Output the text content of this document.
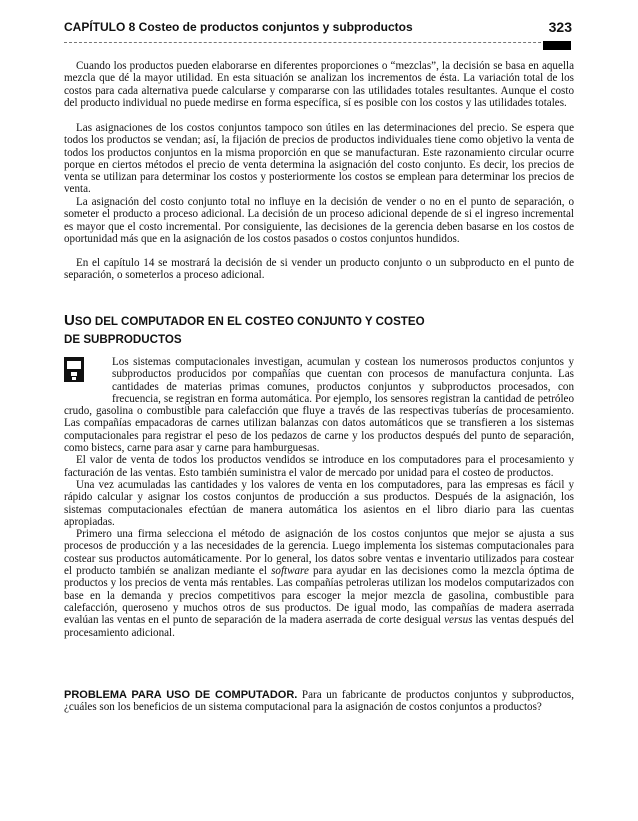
CAPÍTULO 8 Costeo de productos conjuntos y subproductos	323

Cuando los productos pueden elaborarse en diferentes proporciones o “mezclas”, la decisión se basa en aquella mezcla que dé la mayor utilidad. En esta situación se analizan los incrementos de ésta. La variación total de los costos para cada alternativa puede calcularse y compararse con las utilidades totales resultantes. Aunque el costo del producto individual no puede medirse en forma específica, sí es posible con los costos y las utilidades totales.

Las asignaciones de los costos conjuntos tampoco son útiles en las determinaciones del precio. Se espera que todos los productos se vendan; así, la fijación de precios de productos individuales tiene como objetivo la venta de todos los productos conjuntos en la misma proporción en que se manufacturan. Este razonamiento circular ocurre porque en ciertos métodos el precio de venta determina la asignación del costo conjunto. Es decir, los precios de venta se utilizan para determinar los costos y posteriormente los costos se emplean para determinar los precios de venta.

La asignación del costo conjunto total no influye en la decisión de vender o no en el punto de separación, o someter el producto a proceso adicional. La decisión de un proceso adicional depende de si el ingreso incremental es mayor que el costo incremental. Por consiguiente, las decisiones de la gerencia deben basarse en los costos de oportunidad más que en la asignación de los costos pasados o costos conjuntos hundidos.

En el capítulo 14 se mostrará la decisión de si vender un producto conjunto o un subproducto en el punto de separación, o someterlos a proceso adicional.

USO DEL COMPUTADOR EN EL COSTEO CONJUNTO Y COSTEO
DE SUBPRODUCTOS
Los sistemas computacionales investigan, acumulan y costean los numerosos productos conjuntos y subproductos producidos por compañías que cuentan con procesos de manufactura conjunta. Las cantidades de materias primas comunes, productos conjuntos y subproductos procesados, con frecuencia, se registran en forma automática. Por ejemplo, los sensores registran la cantidad de petróleo crudo, gasolina o combustible para calefacción que fluye a través de las respectivas tuberías de procesamiento. Las compañías empacadoras de carnes utilizan balanzas con datos automáticos que se transfieren a los sistemas computacionales para registrar el peso de los pedazos de carne y los productos después del punto de separación, como bistecs, carne para asar y carne para hamburguesas.
El valor de venta de todos los productos vendidos se introduce en los computadores para el procesamiento y facturación de las ventas. Esto también suministra el valor de mercado por unidad para el costeo de productos.
Una vez acumuladas las cantidades y los valores de venta en los computadores, para las empresas es fácil y rápido calcular y asignar los costos conjuntos de producción a sus productos. Después de la asignación, los sistemas computacionales efectúan de manera automática los asientos en el libro diario para las cuentas apropiadas.
Primero una firma selecciona el método de asignación de los costos conjuntos que mejor se ajusta a sus procesos de producción y a las necesidades de la gerencia. Luego implementa los sistemas computacionales para costear sus productos automáticamente. Por lo general, los datos sobre ventas e inventario utilizados para costear el producto también se analizan mediante el software para ayudar en las decisiones como la mezcla óptima de productos y los precios de venta más rentables. Las compañías petroleras utilizan los modelos computarizados con base en la demanda y precios competitivos para escoger la mejor mezcla de gasolina, combustible para calefacción, queroseno y muchos otros de sus productos. De igual modo, las compañías de madera aserrada evalúan las ventas en el punto de separación de la madera aserrada de corte desigual versus las ventas después del procesamiento adicional.

PROBLEMA PARA USO DE COMPUTADOR. Para un fabricante de productos conjuntos y subproductos, ¿cuáles son los beneficios de un sistema computacional para la asignación de costos conjuntos a productos?
